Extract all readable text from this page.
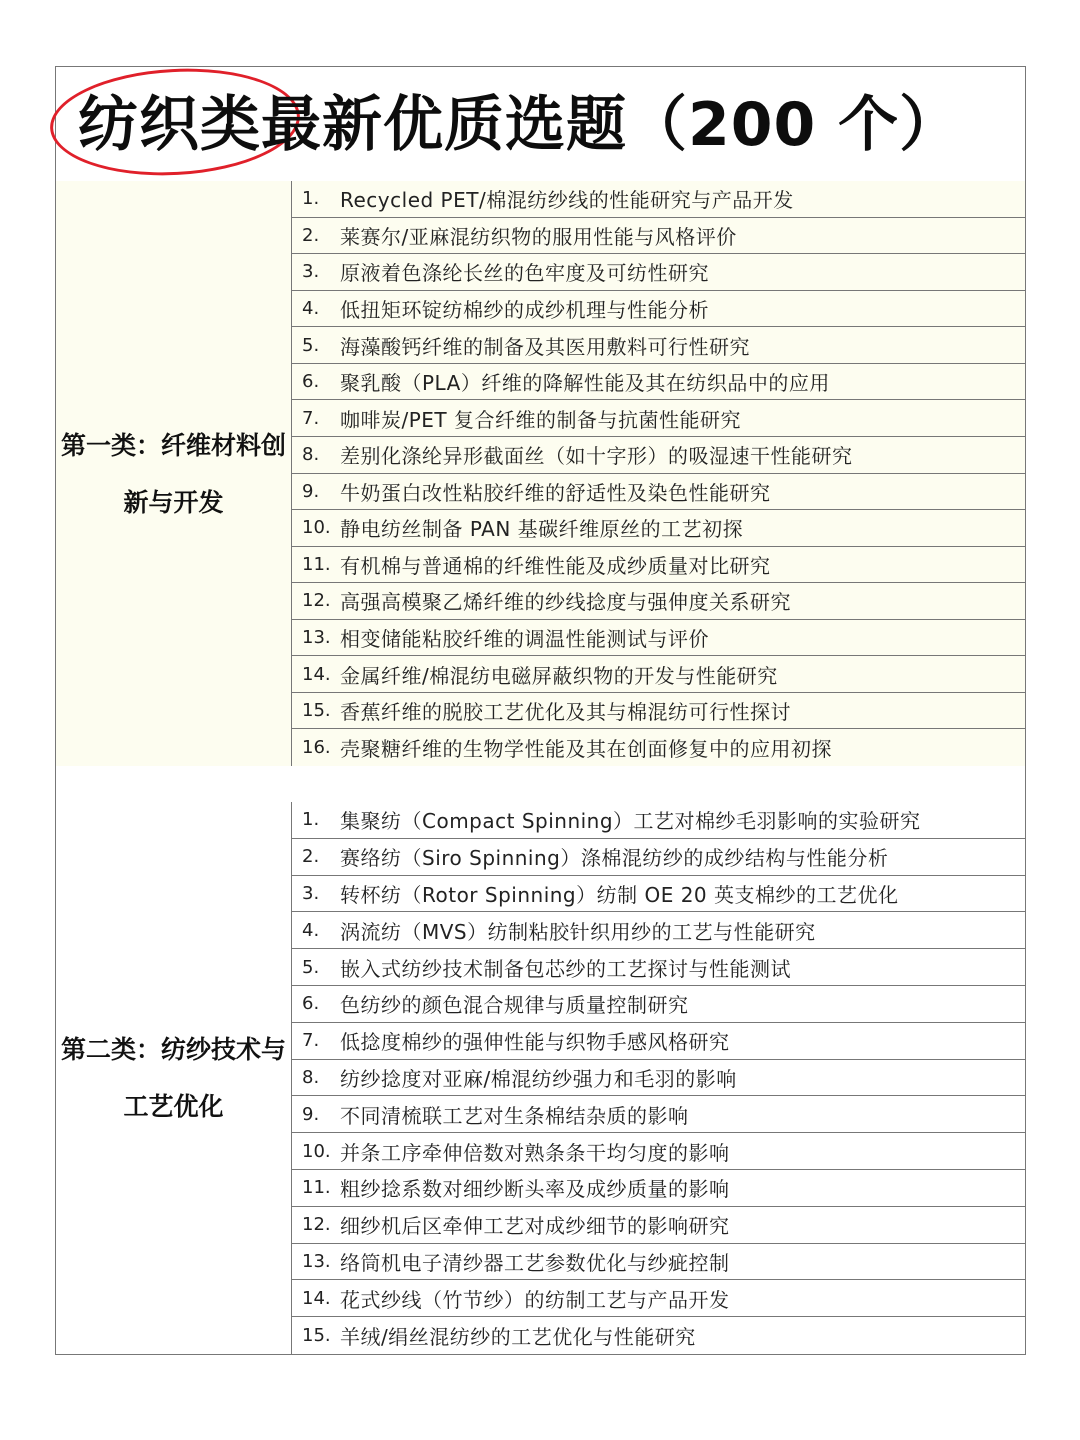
纺织类最新优质选题（200 个）
第一类：纤维材料创新与开发
1.	Recycled PET/棉混纺纱线的性能研究与产品开发
2.	莱赛尔/亚麻混纺织物的服用性能与风格评价
3.	原液着色涤纶长丝的色牢度及可纺性研究
4.	低扭矩环锭纺棉纱的成纱机理与性能分析
5.	海藻酸钙纤维的制备及其医用敷料可行性研究
6.	聚乳酸（PLA）纤维的降解性能及其在纺织品中的应用
7.	咖啡炭/PET 复合纤维的制备与抗菌性能研究
8.	差别化涤纶异形截面丝（如十字形）的吸湿速干性能研究
9.	牛奶蛋白改性粘胶纤维的舒适性及染色性能研究
10. 静电纺丝制备 PAN 基碳纤维原丝的工艺初探
11. 有机棉与普通棉的纤维性能及成纱质量对比研究
12. 高强高模聚乙烯纤维的纱线捻度与强伸度关系研究
13. 相变储能粘胶纤维的调温性能测试与评价
14. 金属纤维/棉混纺电磁屏蔽织物的开发与性能研究
15. 香蕉纤维的脱胶工艺优化及其与棉混纺可行性探讨
16. 壳聚糖纤维的生物学性能及其在创面修复中的应用初探
第二类：纺纱技术与工艺优化
1.	集聚纺（Compact Spinning）工艺对棉纱毛羽影响的实验研究
2.	赛络纺（Siro Spinning）涤棉混纺纱的成纱结构与性能分析
3.	转杯纺（Rotor Spinning）纺制 OE 20 英支棉纱的工艺优化
4.	涡流纺（MVS）纺制粘胶针织用纱的工艺与性能研究
5.	嵌入式纺纱技术制备包芯纱的工艺探讨与性能测试
6.	色纺纱的颜色混合规律与质量控制研究
7.	低捻度棉纱的强伸性能与织物手感风格研究
8.	纺纱捻度对亚麻/棉混纺纱强力和毛羽的影响
9.	不同清梳联工艺对生条棉结杂质的影响
10. 并条工序牵伸倍数对熟条条干均匀度的影响
11. 粗纱捻系数对细纱断头率及成纱质量的影响
12. 细纱机后区牵伸工艺对成纱细节的影响研究
13. 络筒机电子清纱器工艺参数优化与纱疵控制
14. 花式纱线（竹节纱）的纺制工艺与产品开发
15. 羊绒/绢丝混纺纱的工艺优化与性能研究
